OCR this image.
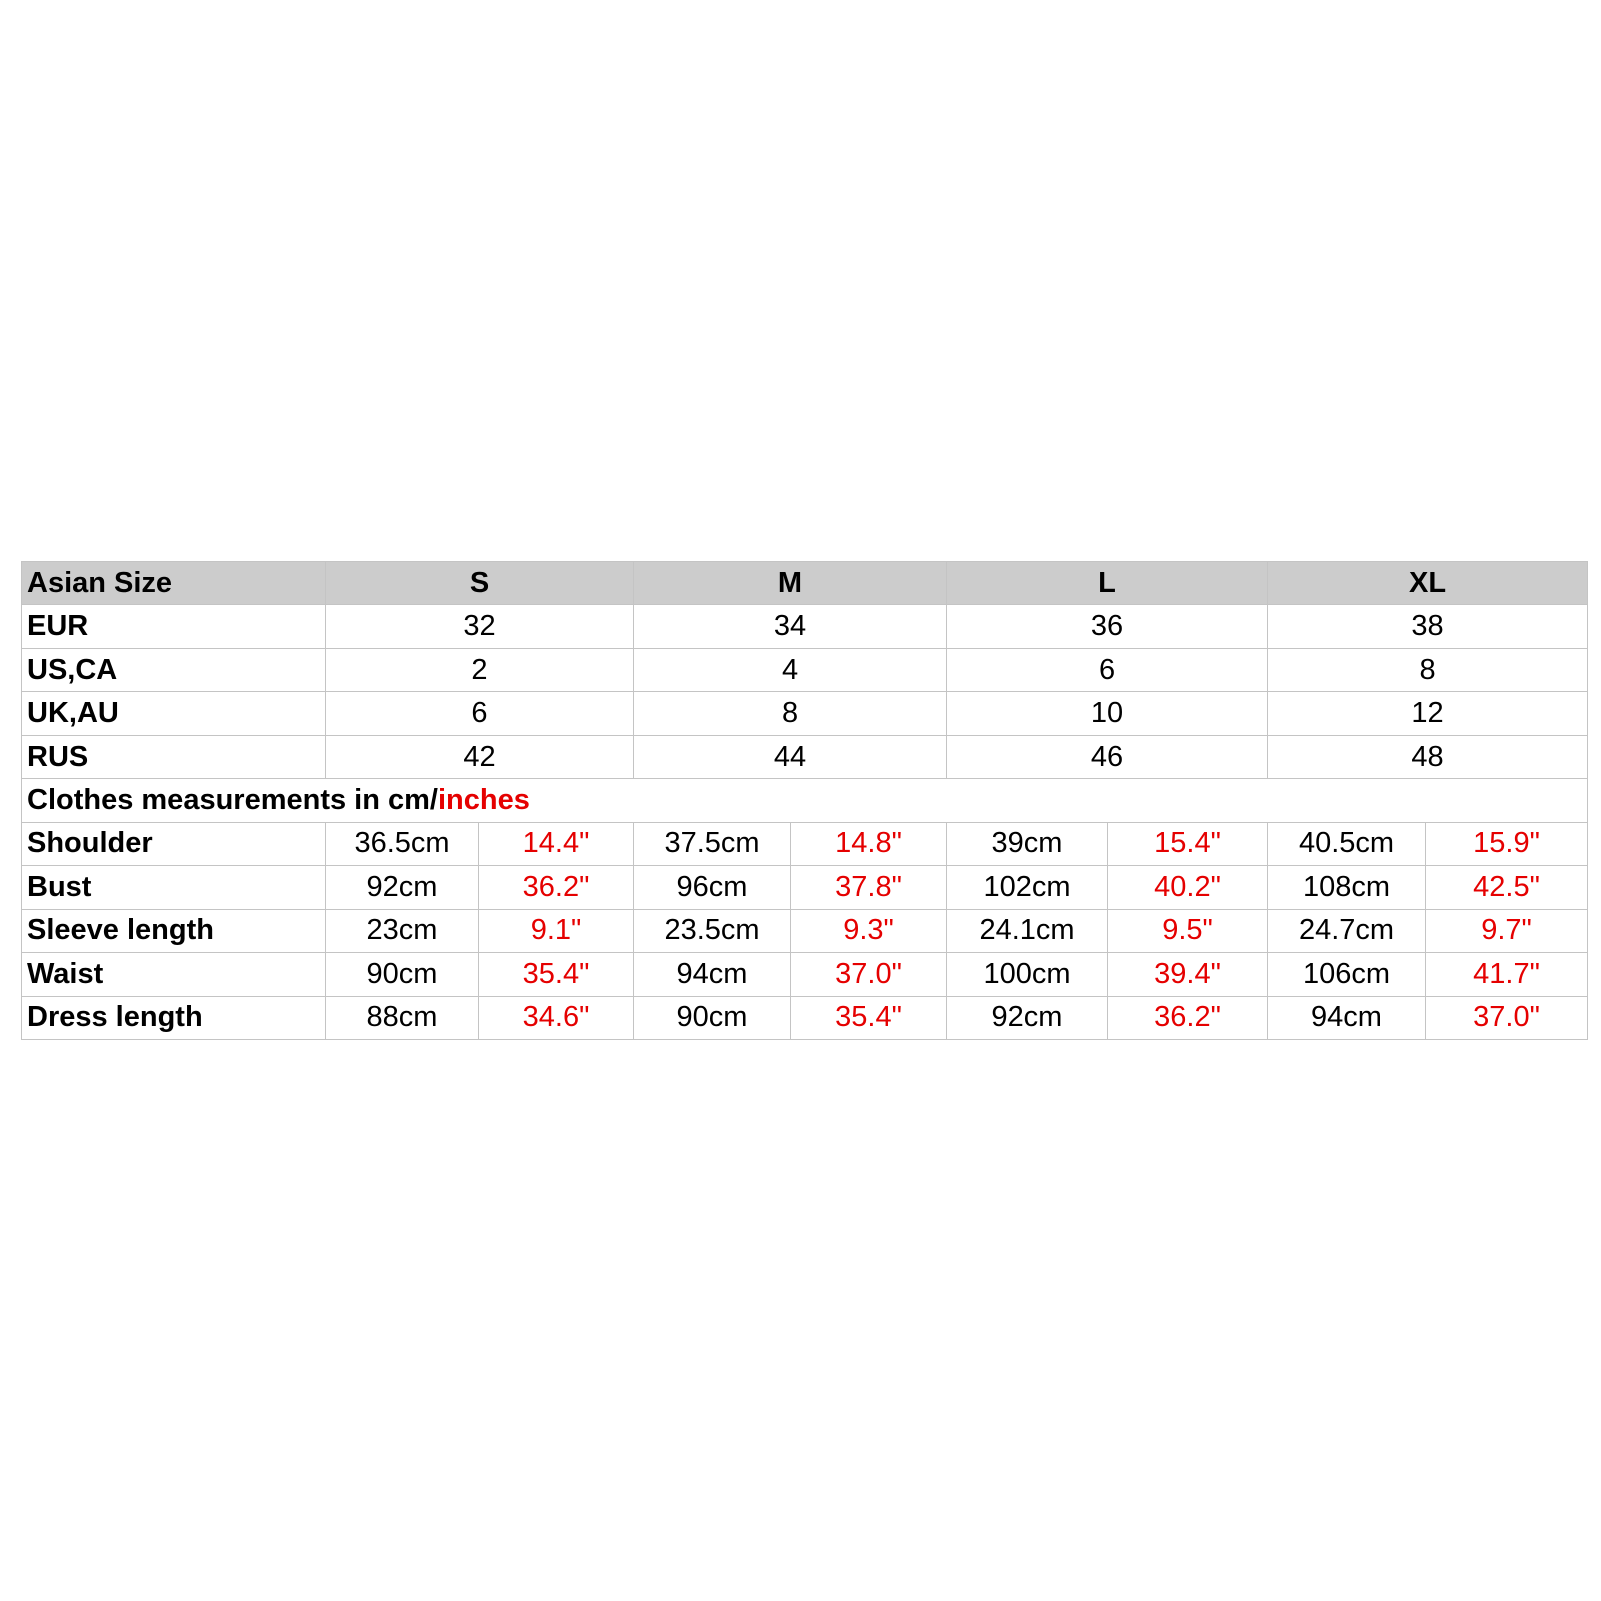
Asian Size	S		M		L		XL	
EUR	32		34		36		38	
US,CA	2		4		6		8	
UK,AU	6		8		10		12	
RUS	42		44		46		48	
Clothes measurements in cm/inches								
Shoulder	36.5cm	14.4"	37.5cm	14.8"	39cm	15.4"	40.5cm	15.9"
Bust	92cm	36.2"	96cm	37.8"	102cm	40.2"	108cm	42.5"
Sleeve length	23cm	9.1"	23.5cm	9.3"	24.1cm	9.5"	24.7cm	9.7"
Waist	90cm	35.4"	94cm	37.0"	100cm	39.4"	106cm	41.7"
Dress length	88cm	34.6"	90cm	35.4"	92cm	36.2"	94cm	37.0"
